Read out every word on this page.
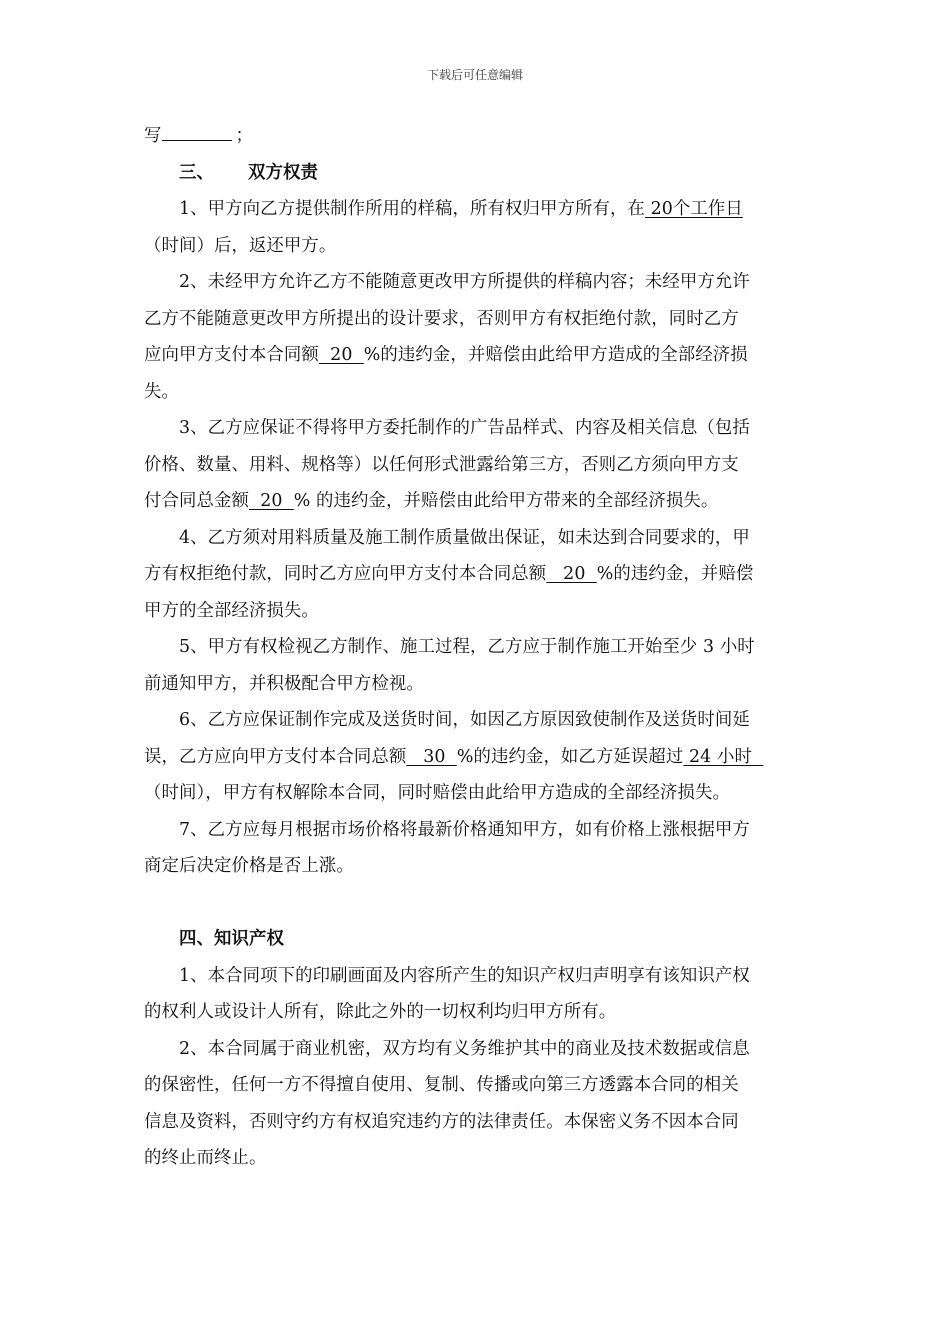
下载后可任意编辑
写	；
三、 双方权责
1、甲方向乙方提供制作所用的样稿，所有权归甲方所有，在 20个工作日
（时间）后，返还甲方。
2、未经甲方允许乙方不能随意更改甲方所提供的样稿内容；未经甲方允许
乙方不能随意更改甲方所提出的设计要求，否则甲方有权拒绝付款，同时乙方
应向甲方支付本合同额  20  %的违约金，并赔偿由此给甲方造成的全部经济损
失。
3、乙方应保证不得将甲方委托制作的广告品样式、内容及相关信息（包括
价格、数量、用料、规格等）以任何形式泄露给第三方，否则乙方须向甲方支
付合同总金额  20  % 的违约金，并赔偿由此给甲方带来的全部经济损失。
4、乙方须对用料质量及施工制作质量做出保证，如未达到合同要求的，甲
方有权拒绝付款，同时乙方应向甲方支付本合同总额   20  %的违约金，并赔偿
甲方的全部经济损失。
5、甲方有权检视乙方制作、施工过程，乙方应于制作施工开始至少 3 小时
前通知甲方，并积极配合甲方检视。
6、乙方应保证制作完成及送货时间，如因乙方原因致使制作及送货时间延
误，乙方应向甲方支付本合同总额   30  %的违约金，如乙方延误超过 24 小时
（时间），甲方有权解除本合同，同时赔偿由此给甲方造成的全部经济损失。
7、乙方应每月根据市场价格将最新价格通知甲方，如有价格上涨根据甲方
商定后决定价格是否上涨。
四、知识产权
1、本合同项下的印刷画面及内容所产生的知识产权归声明享有该知识产权
的权利人或设计人所有，除此之外的一切权利均归甲方所有。
2、本合同属于商业机密，双方均有义务维护其中的商业及技术数据或信息
的保密性，任何一方不得擅自使用、复制、传播或向第三方透露本合同的相关
信息及资料，否则守约方有权追究违约方的法律责任。本保密义务不因本合同
的终止而终止。
